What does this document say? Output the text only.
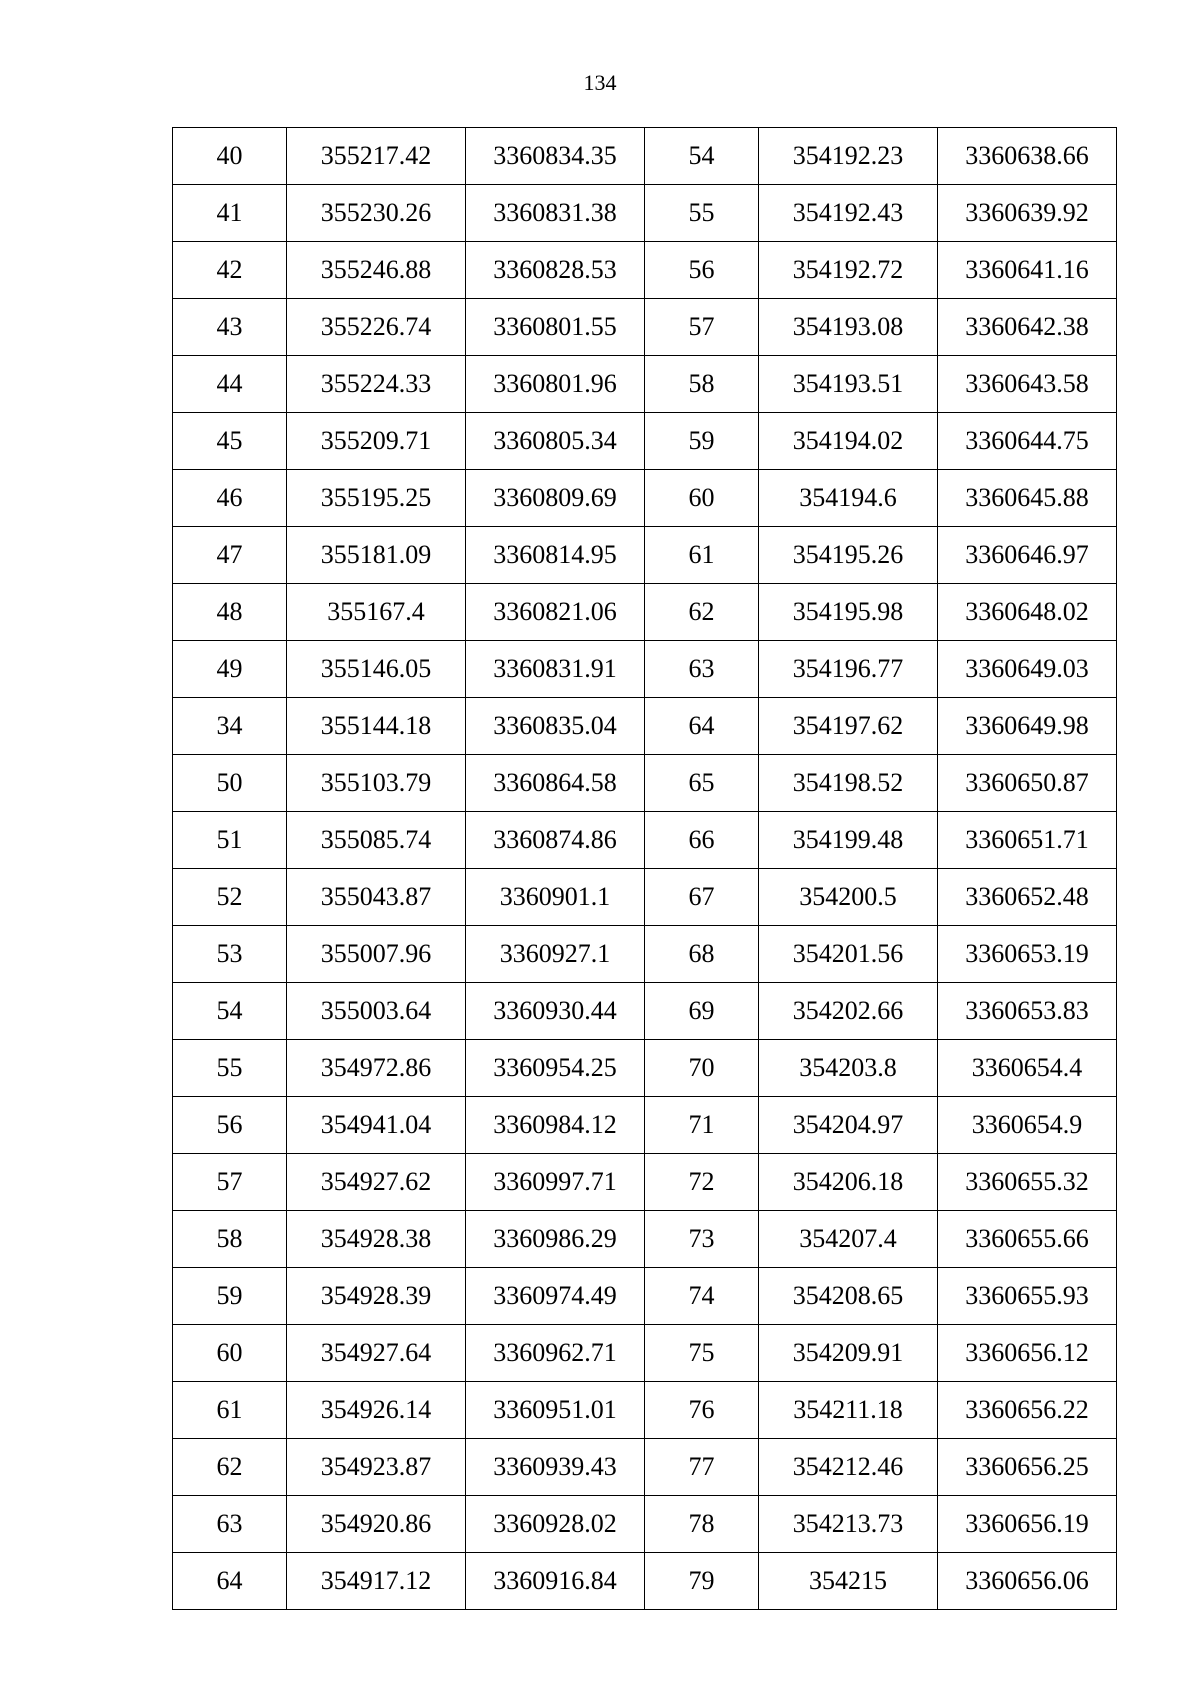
134
40	355217.42	3360834.35	54	354192.23	3360638.66
41	355230.26	3360831.38	55	354192.43	3360639.92
42	355246.88	3360828.53	56	354192.72	3360641.16
43	355226.74	3360801.55	57	354193.08	3360642.38
44	355224.33	3360801.96	58	354193.51	3360643.58
45	355209.71	3360805.34	59	354194.02	3360644.75
46	355195.25	3360809.69	60	354194.6	3360645.88
47	355181.09	3360814.95	61	354195.26	3360646.97
48	355167.4	3360821.06	62	354195.98	3360648.02
49	355146.05	3360831.91	63	354196.77	3360649.03
34	355144.18	3360835.04	64	354197.62	3360649.98
50	355103.79	3360864.58	65	354198.52	3360650.87
51	355085.74	3360874.86	66	354199.48	3360651.71
52	355043.87	3360901.1	67	354200.5	3360652.48
53	355007.96	3360927.1	68	354201.56	3360653.19
54	355003.64	3360930.44	69	354202.66	3360653.83
55	354972.86	3360954.25	70	354203.8	3360654.4
56	354941.04	3360984.12	71	354204.97	3360654.9
57	354927.62	3360997.71	72	354206.18	3360655.32
58	354928.38	3360986.29	73	354207.4	3360655.66
59	354928.39	3360974.49	74	354208.65	3360655.93
60	354927.64	3360962.71	75	354209.91	3360656.12
61	354926.14	3360951.01	76	354211.18	3360656.22
62	354923.87	3360939.43	77	354212.46	3360656.25
63	354920.86	3360928.02	78	354213.73	3360656.19
64	354917.12	3360916.84	79	354215	3360656.06
